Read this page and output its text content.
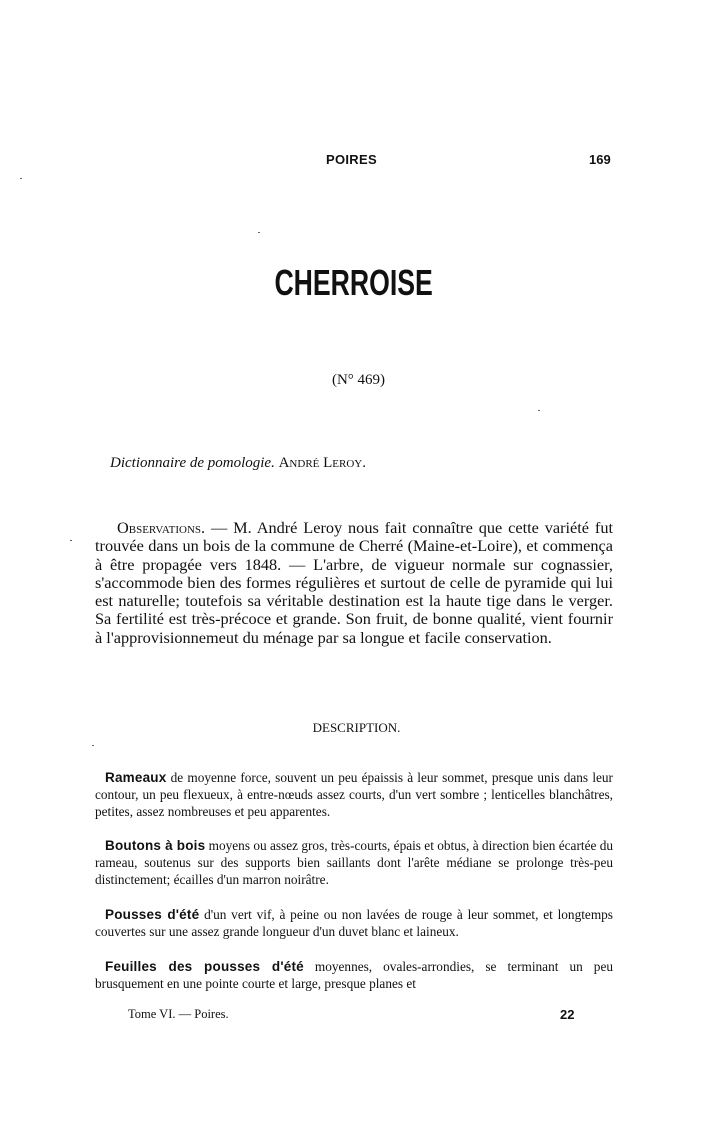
POIRES	169
CHERROISE
(N° 469)
Dictionnaire de pomologie. André Leroy.

Observations. — M. André Leroy nous fait connaître que cette variété fut trouvée dans un bois de la commune de Cherré (Maine-et-Loire), et commença à être propagée vers 1848. — L'arbre, de vigueur normale sur cognassier, s'accommode bien des formes régulières et surtout de celle de pyramide qui lui est naturelle; toutefois sa véritable destination est la haute tige dans le verger. Sa fertilité est très-précoce et grande. Son fruit, de bonne qualité, vient fournir à l'approvisionnemeut du ménage par sa longue et facile conservation.

DESCRIPTION.

Rameaux de moyenne force, souvent un peu épaissis à leur sommet, presque unis dans leur contour, un peu flexueux, à entre-nœuds assez courts, d'un vert sombre ; lenticelles blanchâtres, petites, assez nombreuses et peu apparentes.

Boutons à bois moyens ou assez gros, très-courts, épais et obtus, à direction bien écartée du rameau, soutenus sur des supports bien saillants dont l'arête médiane se prolonge très-peu distinctement; écailles d'un marron noirâtre.

Pousses d'été d'un vert vif, à peine ou non lavées de rouge à leur sommet, et longtemps couvertes sur une assez grande longueur d'un duvet blanc et laineux.

Feuilles des pousses d'été moyennes, ovales-arrondies, se terminant un peu brusquement en une pointe courte et large, presque planes et

Tome VI. — Poires.	22
